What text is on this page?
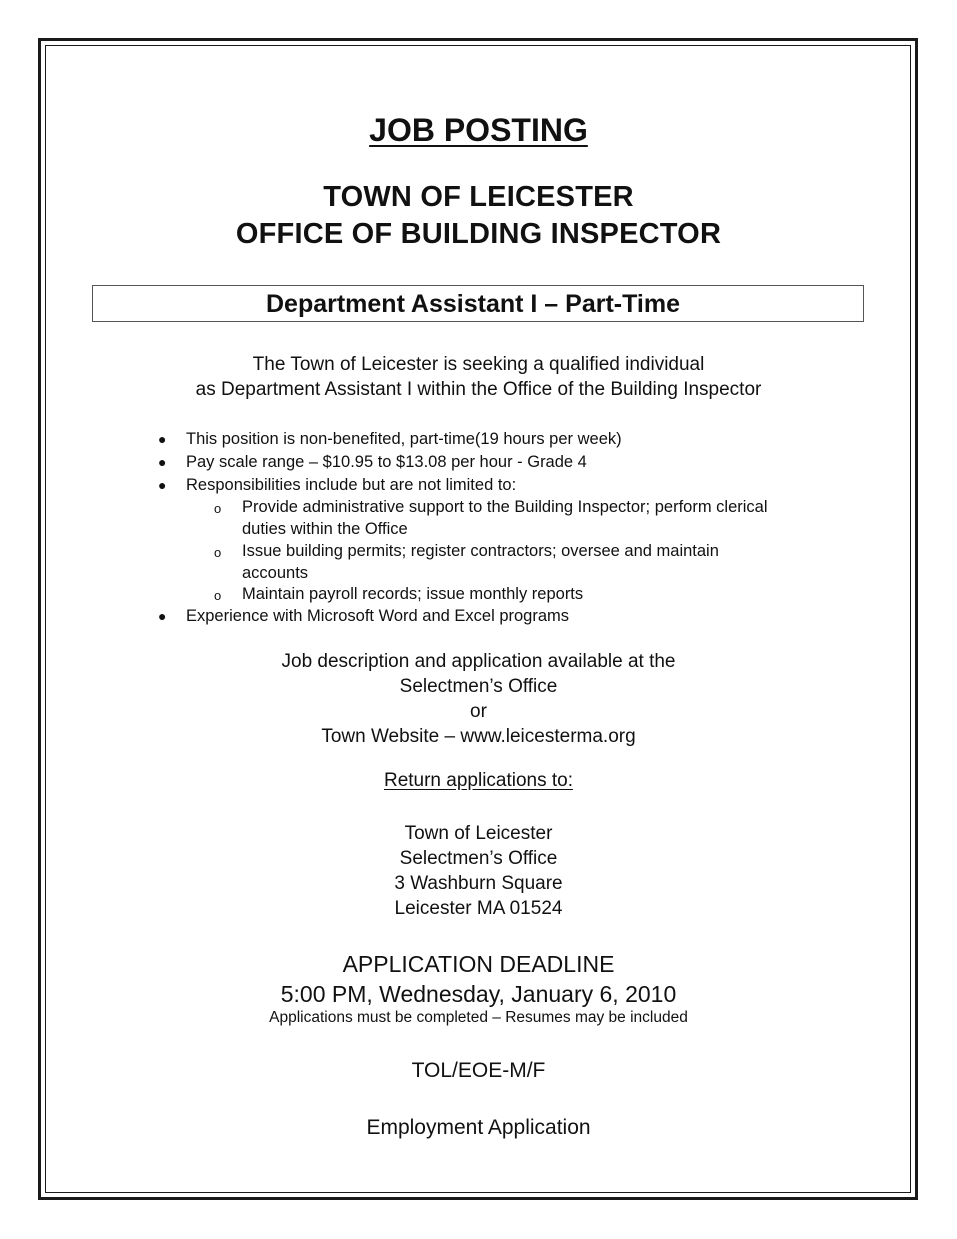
JOB POSTING
TOWN OF LEICESTER
OFFICE OF BUILDING INSPECTOR
Department Assistant I – Part-Time
The Town of Leicester is seeking a qualified individual
as Department Assistant I within the Office of the Building Inspector
● This position is non-benefited, part-time(19 hours per week)
● Pay scale range – $10.95 to $13.08 per hour - Grade 4
● Responsibilities include but are not limited to:
o Provide administrative support to the Building Inspector; perform clerical
duties within the Office
o Issue building permits; register contractors; oversee and maintain
accounts
o Maintain payroll records; issue monthly reports
● Experience with Microsoft Word and Excel programs
Job description and application available at the
Selectmen’s Office
or
Town Website – www.leicesterma.org
Return applications to:
Town of Leicester
Selectmen’s Office
3 Washburn Square
Leicester MA 01524
APPLICATION DEADLINE
5:00 PM, Wednesday, January 6, 2010
Applications must be completed – Resumes may be included
TOL/EOE-M/F
Employment Application
